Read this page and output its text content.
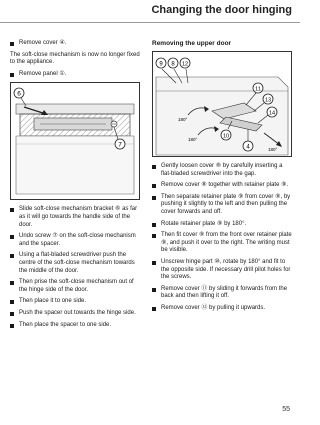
Changing the door hinging
Remove cover ④.

The soft-close mechanism is now no longer fixed to the appliance.

Remove panel ①.
6
7
Slide soft-close mechanism bracket ⑥ as far as it will go towards the handle side of the door.
Undo screw ⑦ on the soft-close mechanism and the spacer.
Using a flat-bladed screwdriver push the centre of the soft-close mechanism towards the middle of the door.
Then prise the soft-close mechanism out of the hinge side of the door.
Then place it to one side.
Push the spacer out towards the hinge side.
Then place the spacer to one side.
Removing the upper door
180°
180°
180°
9 8 12
11
13
14
10
4
Gently loosen cover ⑧ by carefully inserting a flat-bladed screwdriver into the gap.
Remove cover ⑧ together with retainer plate ⑨.
Then separate retainer plate ⑨ from cover ⑧, by pushing it slightly to the left and then pulling the cover forwards and off.
Rotate retainer plate ⑨ by 180°.
Then fit cover ⑧ from the front over retainer plate ⑨, and push it over to the right. The writing must be visible.
Unscrew hinge part ⑩, rotate by 180° and fit to the opposite side. If necessary drill pilot holes for the screws.
Remove cover ⑪ by sliding it forwards from the back and then lifting it off.
Remove cover ⑫ by pulling it upwards.
55
